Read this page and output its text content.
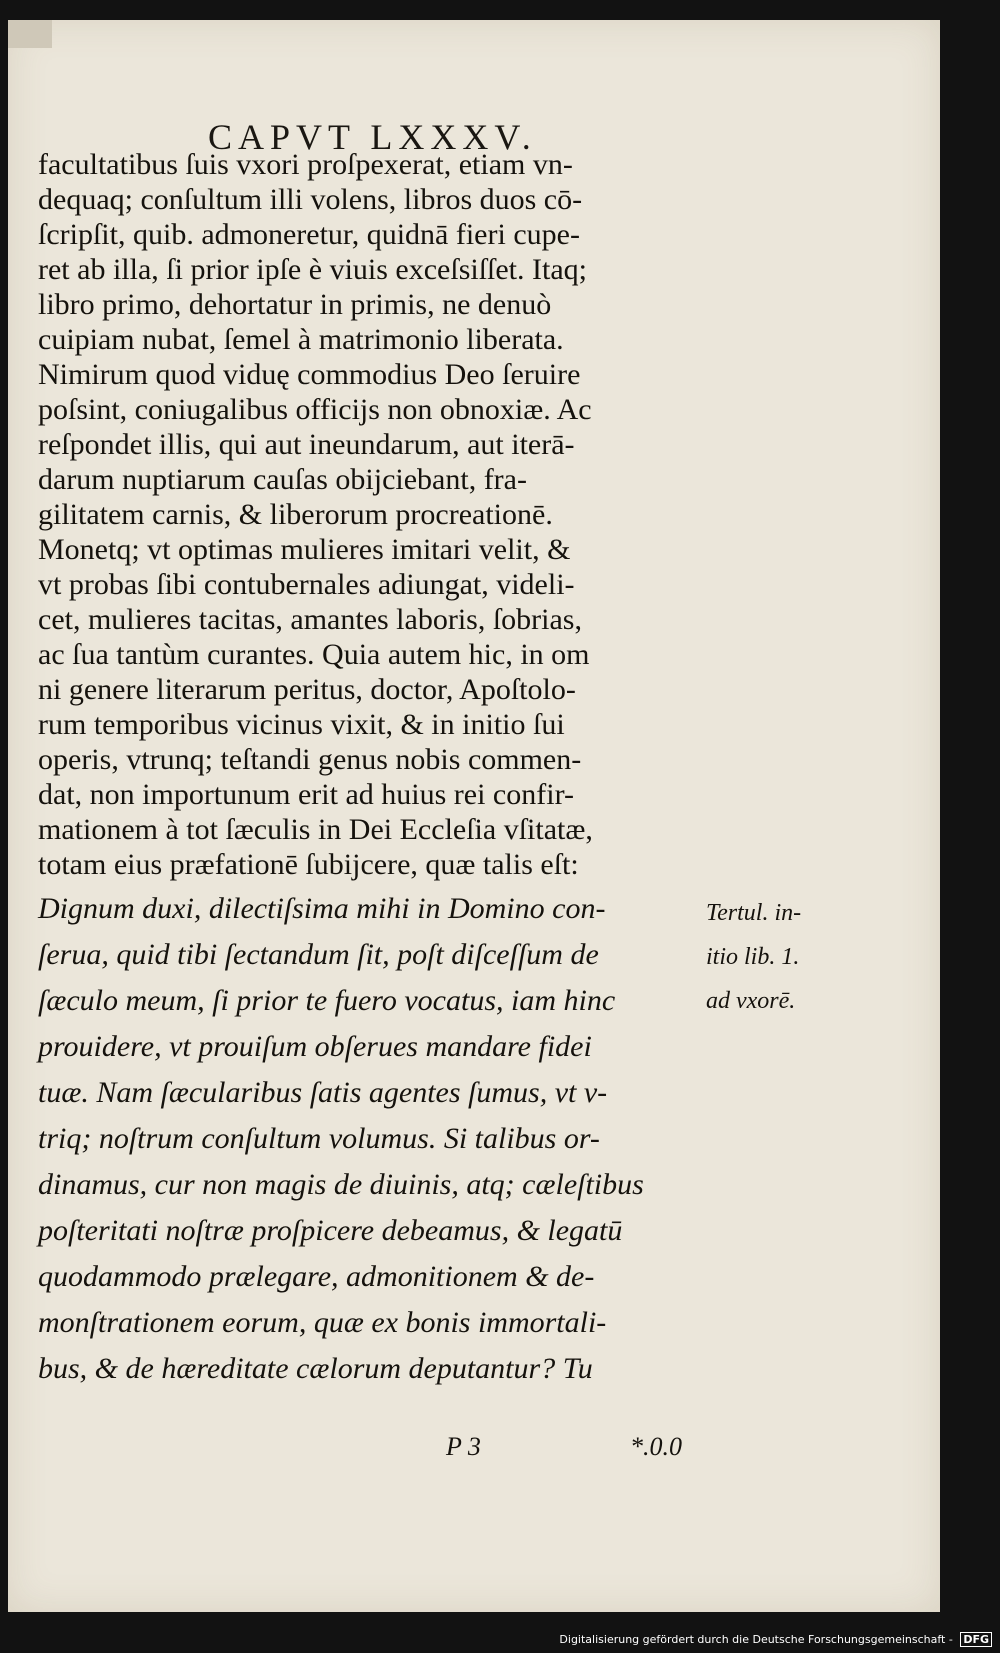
CAPVT LXXXV.
facultatibus ſuis vxori proſpexerat, etiam vn-
dequaq; conſultum illi volens, libros duos cō-
ſcripſit, quib. admoneretur, quidnā fieri cupe-
ret ab illa, ſi prior ipſe è viuis exceſsiſſet. Itaq;
libro primo, dehortatur in primis, ne denuò
cuipiam nubat, ſemel à matrimonio liberata.
Nimirum quod viduę commodius Deo ſeruire
poſsint, coniugalibus officijs non obnoxiæ. Ac
reſpondet illis, qui aut ineundarum, aut iterā-
darum nuptiarum cauſas obijciebant, fra-
gilitatem carnis, & liberorum procreationē.
Monetq; vt optimas mulieres imitari velit, &
vt probas ſibi contubernales adiungat, videli-
cet, mulieres tacitas, amantes laboris, ſobrias,
ac ſua tantùm curantes. Quia autem hic, in om
ni genere literarum peritus, doctor, Apoſtolo-
rum temporibus vicinus vixit, & in initio ſui
operis, vtrunq; teſtandi genus nobis commen-
dat, non importunum erit ad huius rei confir-
mationem à tot ſæculis in Dei Eccleſia vſitatæ,
totam eius præfationē ſubijcere, quæ talis eſt:
Dignum duxi, dilectiſsima mihi in Domino con-
ſerua, quid tibi ſectandum ſit, poſt diſceſſum de
ſæculo meum, ſi prior te fuero vocatus, iam hinc
prouidere, vt prouiſum obſerues mandare fidei
tuæ. Nam ſæcularibus ſatis agentes ſumus, vt v-
triq; noſtrum conſultum volumus. Si talibus or-
dinamus, cur non magis de diuinis, atq; cæleſtibus
poſteritati noſtræ proſpicere debeamus, & legatū
quodammodo prælegare, admonitionem & de-
monſtrationem eorum, quæ ex bonis immortali-
bus, & de hæreditate cælorum deputantur? Tu
Tertul. in-
itio lib. 1.
ad vxorē.
P 3	*.0.0
Digitalisierung gefördert durch die Deutsche Forschungsgemeinschaft - DFG
